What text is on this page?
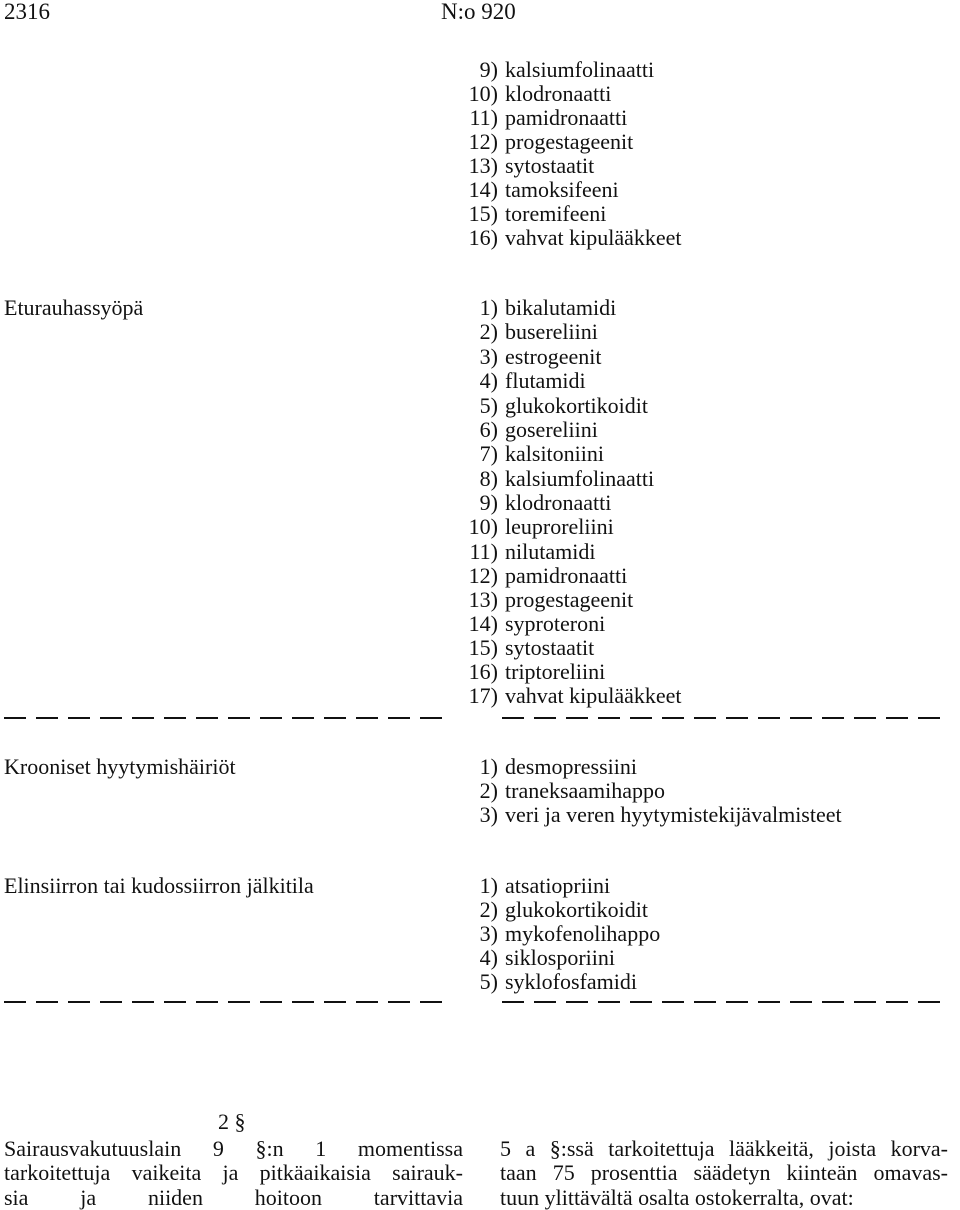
2316	N:o 920
9) kalsiumfolinaatti
10) klodronaatti
11) pamidronaatti
12) progestageenit
13) sytostaatit
14) tamoksifeeni
15) toremifeeni
16) vahvat kipulääkkeet
Eturauhassyöpä	1) bikalutamidi
2) busereliini
3) estrogeenit
4) flutamidi
5) glukokortikoidit
6) gosereliini
7) kalsitoniini
8) kalsiumfolinaatti
9) klodronaatti
10) leuproreliini
11) nilutamidi
12) pamidronaatti
13) progestageenit
14) syproteroni
15) sytostaatit
16) triptoreliini
17) vahvat kipulääkkeet
Krooniset hyytymishäiriöt	1) desmopressiini
2) traneksaamihappo
3) veri ja veren hyytymistekijävalmisteet
Elinsiirron tai kudossiirron jälkitila	1) atsatiopriini
2) glukokortikoidit
3) mykofenolihappo
4) siklosporiini
5) syklofosfamidi
2 §
Sairausvakutuuslain 9 §:n 1 momentissa
tarkoitettuja vaikeita ja pitkäaikaisia sairauk-
sia ja niiden hoitoon tarvittavia
5 a §:ssä tarkoitettuja lääkkeitä, joista korva-
taan 75 prosenttia säädetyn kiinteän omavas-
tuun ylittävältä osalta ostokerralta, ovat:
